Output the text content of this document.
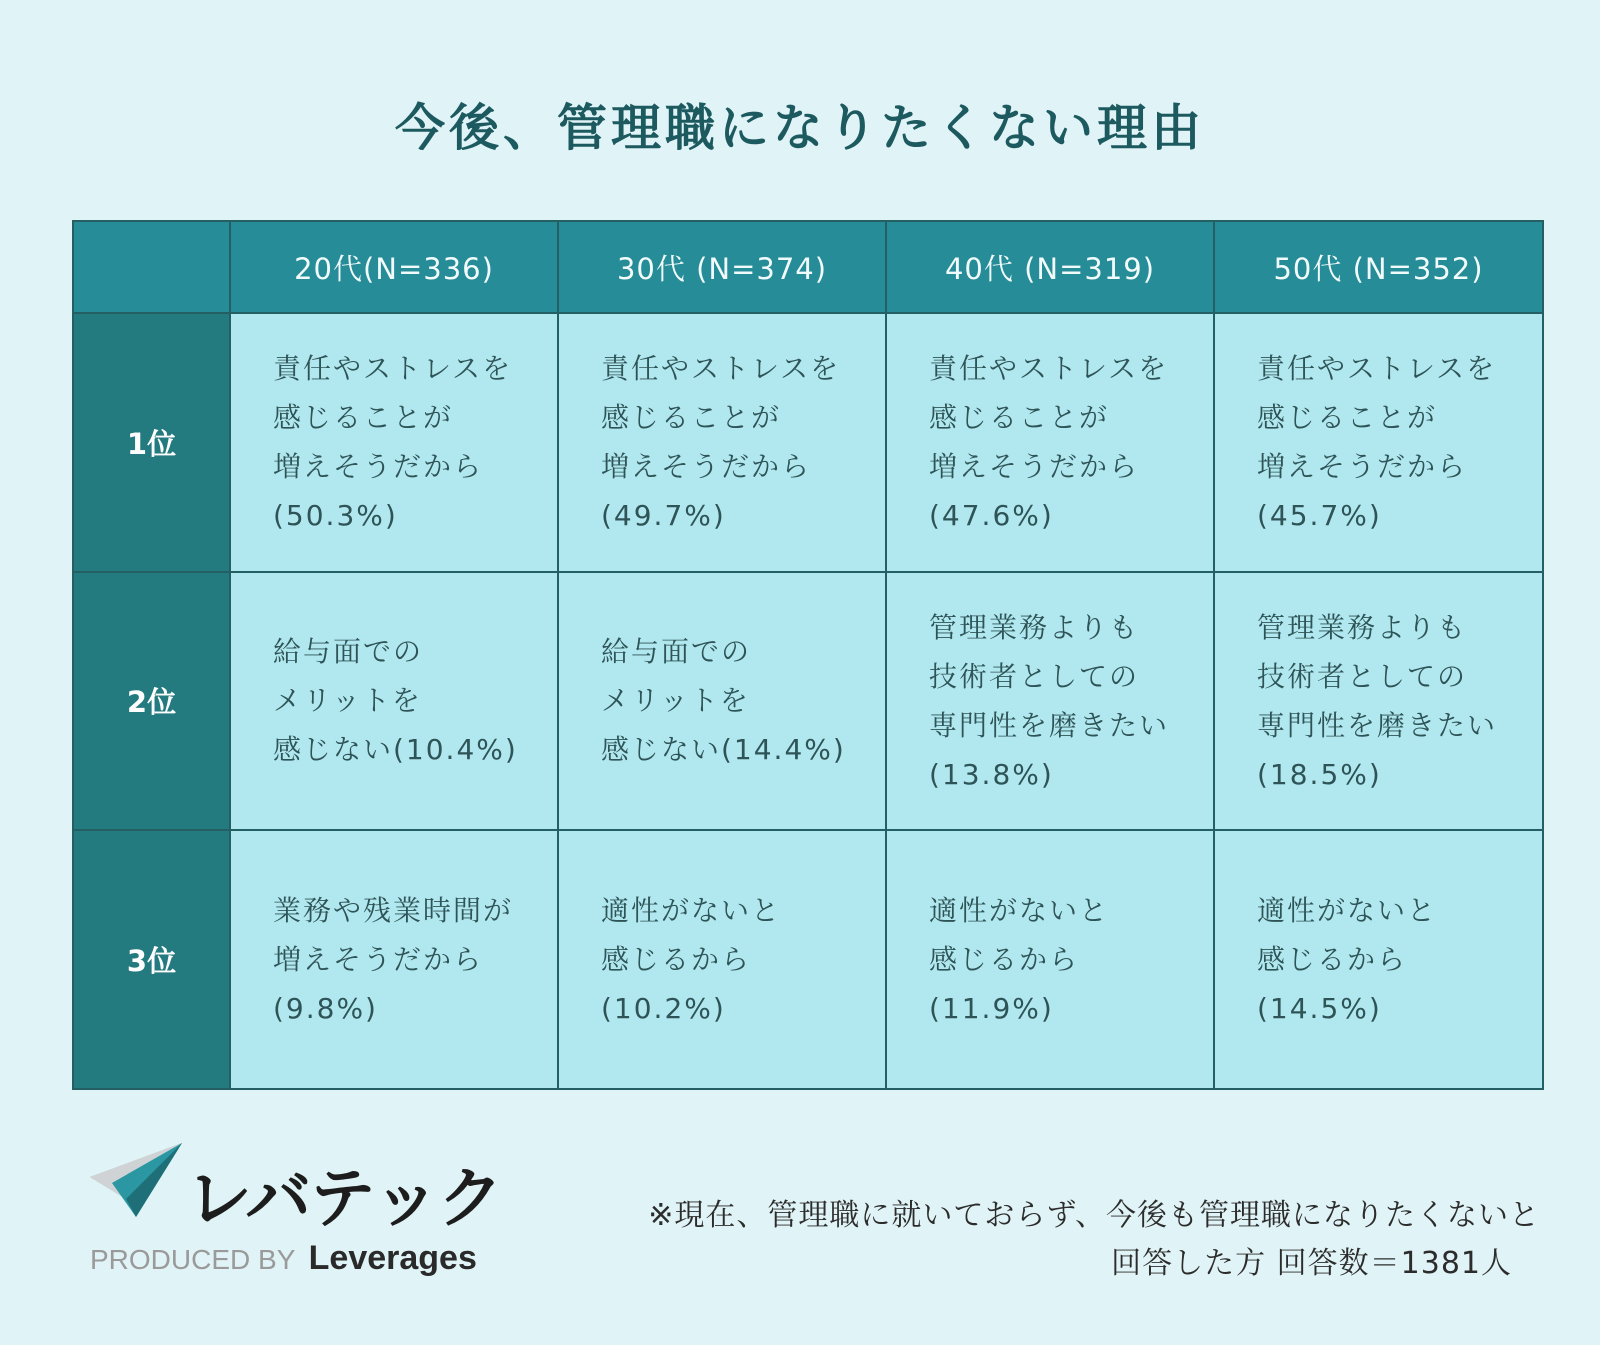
今後、管理職になりたくない理由
	20代(N=336)	30代 (N=374)	40代 (N=319)	50代 (N=352)
1位	責任やストレスを
感じることが
増えそうだから
(50.3%)	責任やストレスを
感じることが
増えそうだから
(49.7%)	責任やストレスを
感じることが
増えそうだから
(47.6%)	責任やストレスを
感じることが
増えそうだから
(45.7%)

2位	給与面での
メリットを
感じない(10.4%)	給与面での
メリットを
感じない(14.4%)	管理業務よりも
技術者としての
専門性を磨きたい
(13.8%)	管理業務よりも
技術者としての
専門性を磨きたい
(18.5%)

3位	業務や残業時間が
増えそうだから
(9.8%)	適性がないと
感じるから
(10.2%)	適性がないと
感じるから
(11.9%)	適性がないと
感じるから
(14.5%)
レバテック
PRODUCED BY Leverages
※現在、管理職に就いておらず、今後も管理職になりたくないと
回答した方 回答数＝1381人
